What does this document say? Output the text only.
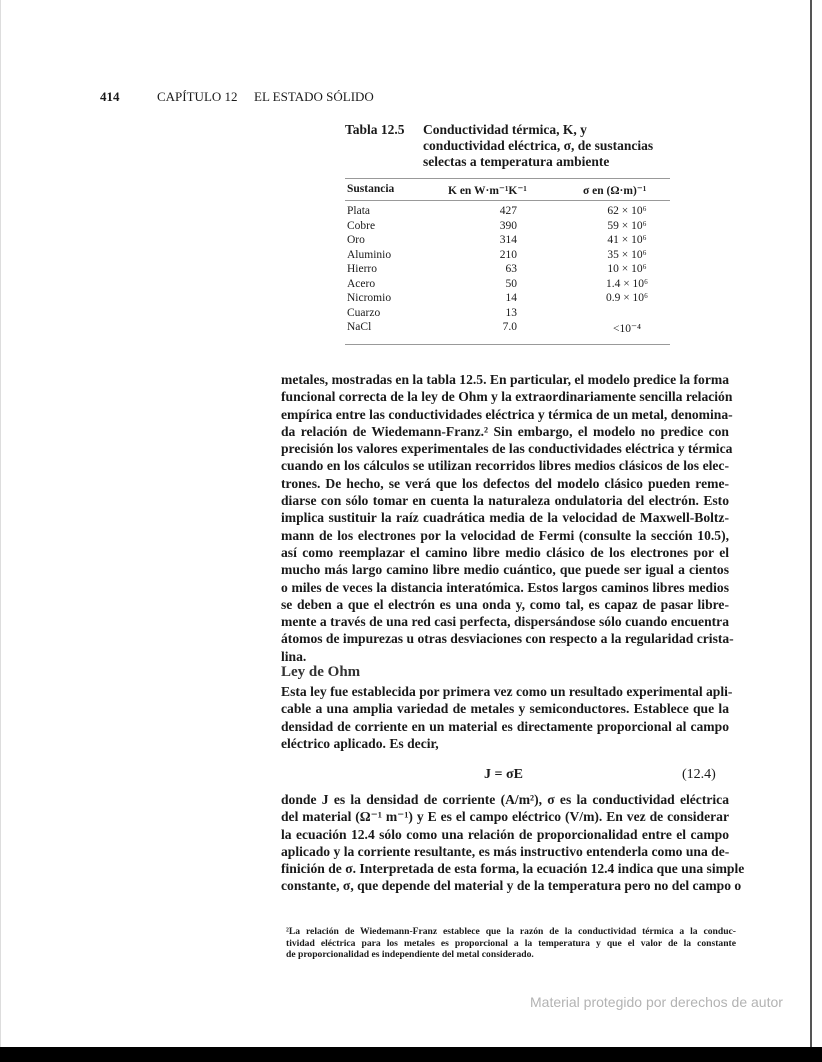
414	CAPÍTULO 12 EL ESTADO SÓLIDO
Tabla 12.5 Conductividad térmica, K, y
conductividad eléctrica, σ, de sustancias
selectas a temperatura ambiente
Sustancia	K en W·m⁻¹K⁻¹	σ en (Ω·m)⁻¹
Plata	427	62 × 10⁶
Cobre	390	59 × 10⁶
Oro	314	41 × 10⁶
Aluminio	210	35 × 10⁶
Hierro	63	10 × 10⁶
Acero	50	1.4 × 10⁶
Nicromio	14	0.9 × 10⁶
Cuarzo	13
NaCl	7.0	<10⁻⁴
metales, mostradas en la tabla 12.5. En particular, el modelo predice la forma
funcional correcta de la ley de Ohm y la extraordinariamente sencilla relación
empírica entre las conductividades eléctrica y térmica de un metal, denomina-
da relación de Wiedemann-Franz.² Sin embargo, el modelo no predice con
precisión los valores experimentales de las conductividades eléctrica y térmica
cuando en los cálculos se utilizan recorridos libres medios clásicos de los elec-
trones. De hecho, se verá que los defectos del modelo clásico pueden reme-
diarse con sólo tomar en cuenta la naturaleza ondulatoria del electrón. Esto
implica sustituir la raíz cuadrática media de la velocidad de Maxwell-Boltz-
mann de los electrones por la velocidad de Fermi (consulte la sección 10.5),
así como reemplazar el camino libre medio clásico de los electrones por el
mucho más largo camino libre medio cuántico, que puede ser igual a cientos
o miles de veces la distancia interatómica. Estos largos caminos libres medios
se deben a que el electrón es una onda y, como tal, es capaz de pasar libre-
mente a través de una red casi perfecta, dispersándose sólo cuando encuentra
átomos de impurezas u otras desviaciones con respecto a la regularidad crista-
lina.
Ley de Ohm
Esta ley fue establecida por primera vez como un resultado experimental apli-
cable a una amplia variedad de metales y semiconductores. Establece que la
densidad de corriente en un material es directamente proporcional al campo
eléctrico aplicado. Es decir,
J = σE	(12.4)
donde J es la densidad de corriente (A/m²), σ es la conductividad eléctrica
del material (Ω⁻¹ m⁻¹) y E es el campo eléctrico (V/m). En vez de considerar
la ecuación 12.4 sólo como una relación de proporcionalidad entre el campo
aplicado y la corriente resultante, es más instructivo entenderla como una de-
finición de σ. Interpretada de esta forma, la ecuación 12.4 indica que una simple
constante, σ, que depende del material y de la temperatura pero no del campo o
²La relación de Wiedemann-Franz establece que la razón de la conductividad térmica a la conduc-
tividad eléctrica para los metales es proporcional a la temperatura y que el valor de la constante
de proporcionalidad es independiente del metal considerado.
Material protegido por derechos de autor
